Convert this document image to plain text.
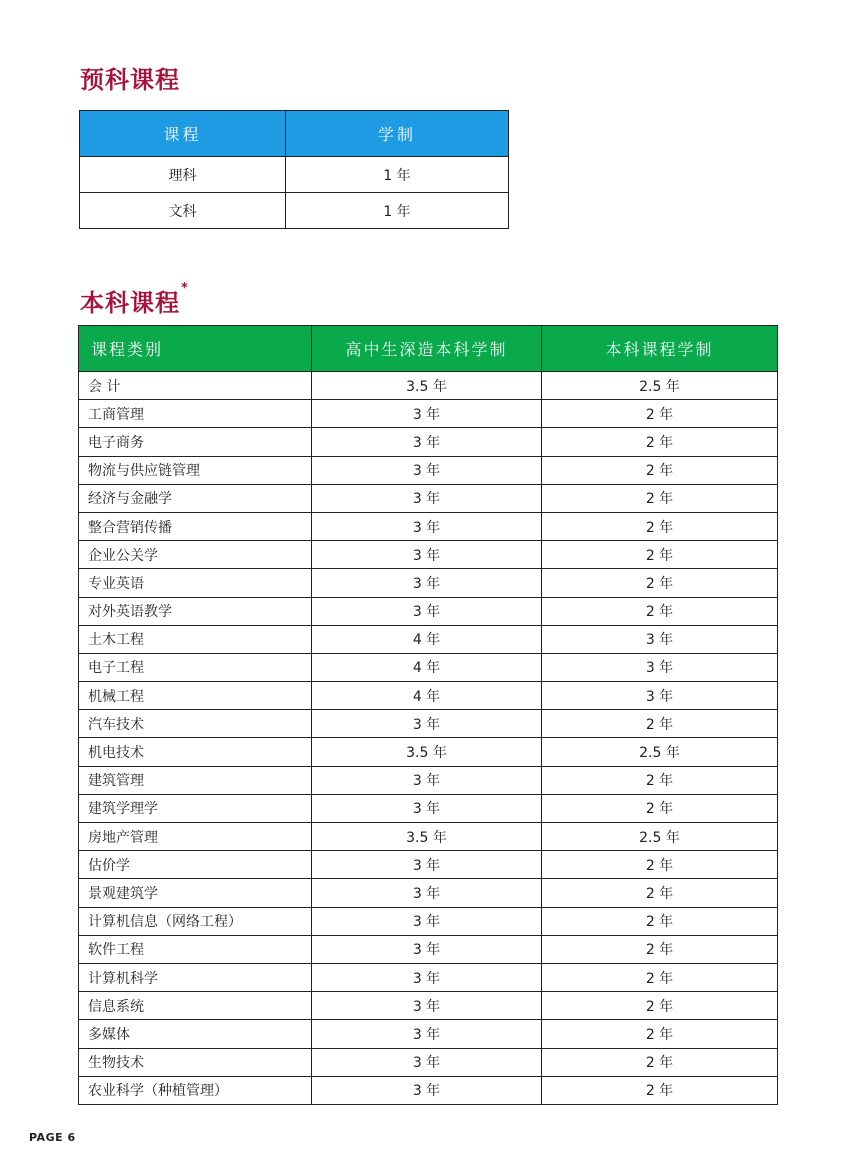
预科课程
课程	学制
理科	1 年
文科	1 年
本科课程*
课程类别	高中生深造本科学制	本科课程学制
会 计	3.5 年	2.5 年
工商管理	3 年	2 年
电子商务	3 年	2 年
物流与供应链管理	3 年	2 年
经济与金融学	3 年	2 年
整合营销传播	3 年	2 年
企业公关学	3 年	2 年
专业英语	3 年	2 年
对外英语教学	3 年	2 年
土木工程	4 年	3 年
电子工程	4 年	3 年
机械工程	4 年	3 年
汽车技术	3 年	2 年
机电技术	3.5 年	2.5 年
建筑管理	3 年	2 年
建筑学理学	3 年	2 年
房地产管理	3.5 年	2.5 年
估价学	3 年	2 年
景观建筑学	3 年	2 年
计算机信息（网络工程）	3 年	2 年
软件工程	3 年	2 年
计算机科学	3 年	2 年
信息系统	3 年	2 年
多媒体	3 年	2 年
生物技术	3 年	2 年
农业科学（种植管理）	3 年	2 年
PAGE 6
